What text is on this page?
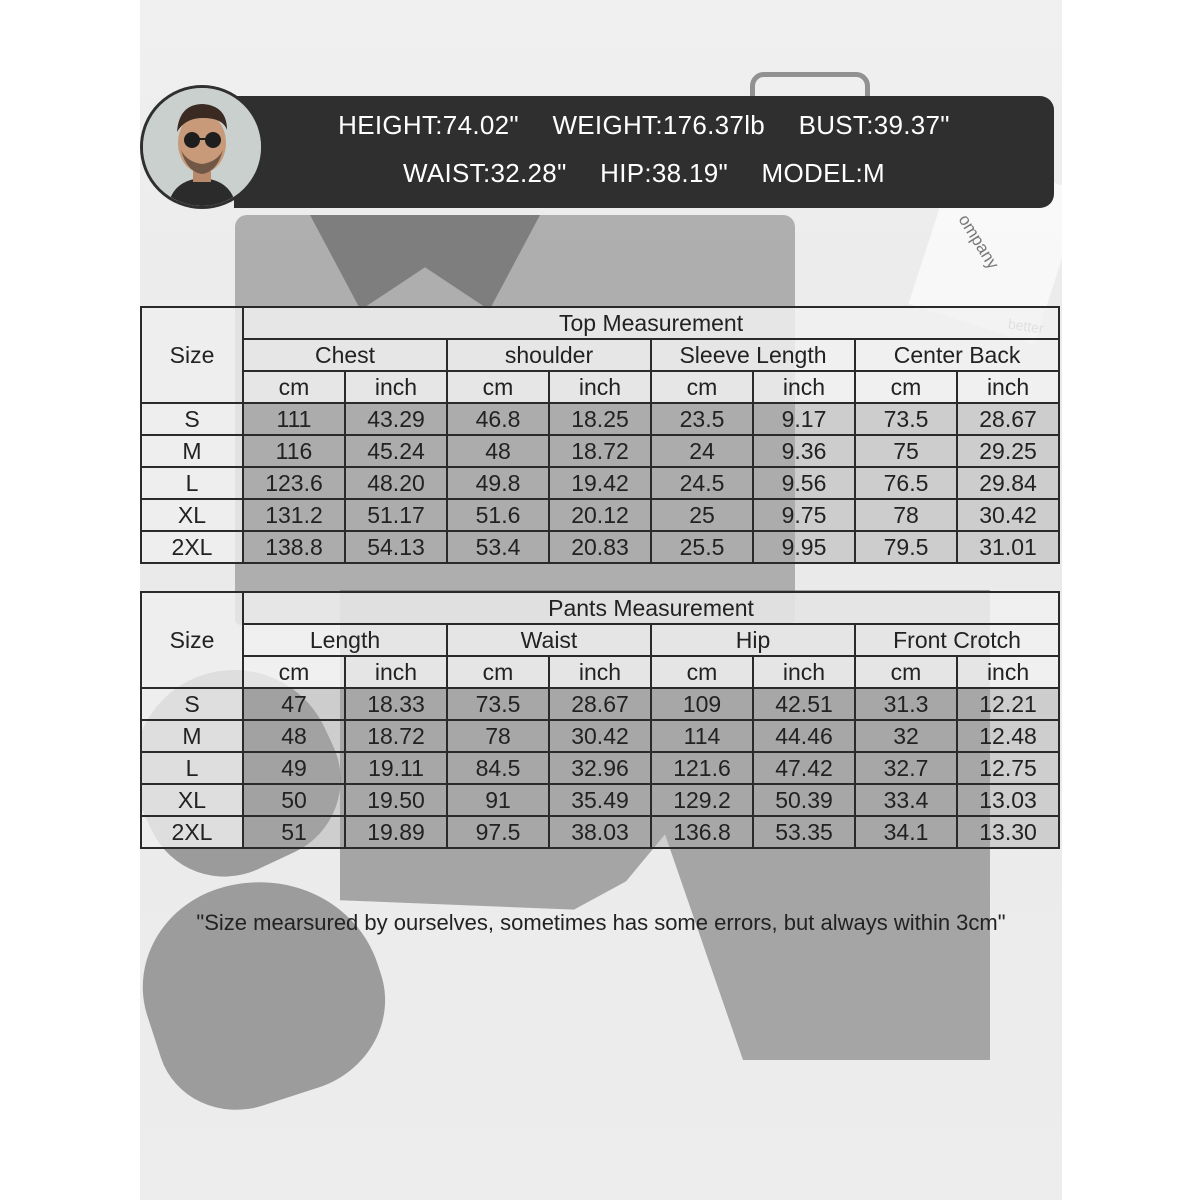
ompany
HEIGHT:74.02" WEIGHT:176.37lb BUST:39.37"
WAIST:32.28" HIP:38.19" MODEL:M
Size	Top Measurement							
	Chest		shoulder		Sleeve Length		Center Back	
	cm	inch	cm	inch	cm	inch	cm	inch
S	111	43.29	46.8	18.25	23.5	9.17	73.5	28.67
M	116	45.24	48	18.72	24	9.36	75	29.25
L	123.6	48.20	49.8	19.42	24.5	9.56	76.5	29.84
XL	131.2	51.17	51.6	20.12	25	9.75	78	30.42
2XL	138.8	54.13	53.4	20.83	25.5	9.95	79.5	31.01
Size	Pants Measurement							
	Length		Waist		Hip		Front Crotch	
	cm	inch	cm	inch	cm	inch	cm	inch
S	47	18.33	73.5	28.67	109	42.51	31.3	12.21
M	48	18.72	78	30.42	114	44.46	32	12.48
L	49	19.11	84.5	32.96	121.6	47.42	32.7	12.75
XL	50	19.50	91	35.49	129.2	50.39	33.4	13.03
2XL	51	19.89	97.5	38.03	136.8	53.35	34.1	13.30
"Size mearsured by ourselves, sometimes has some errors, but always within 3cm"
